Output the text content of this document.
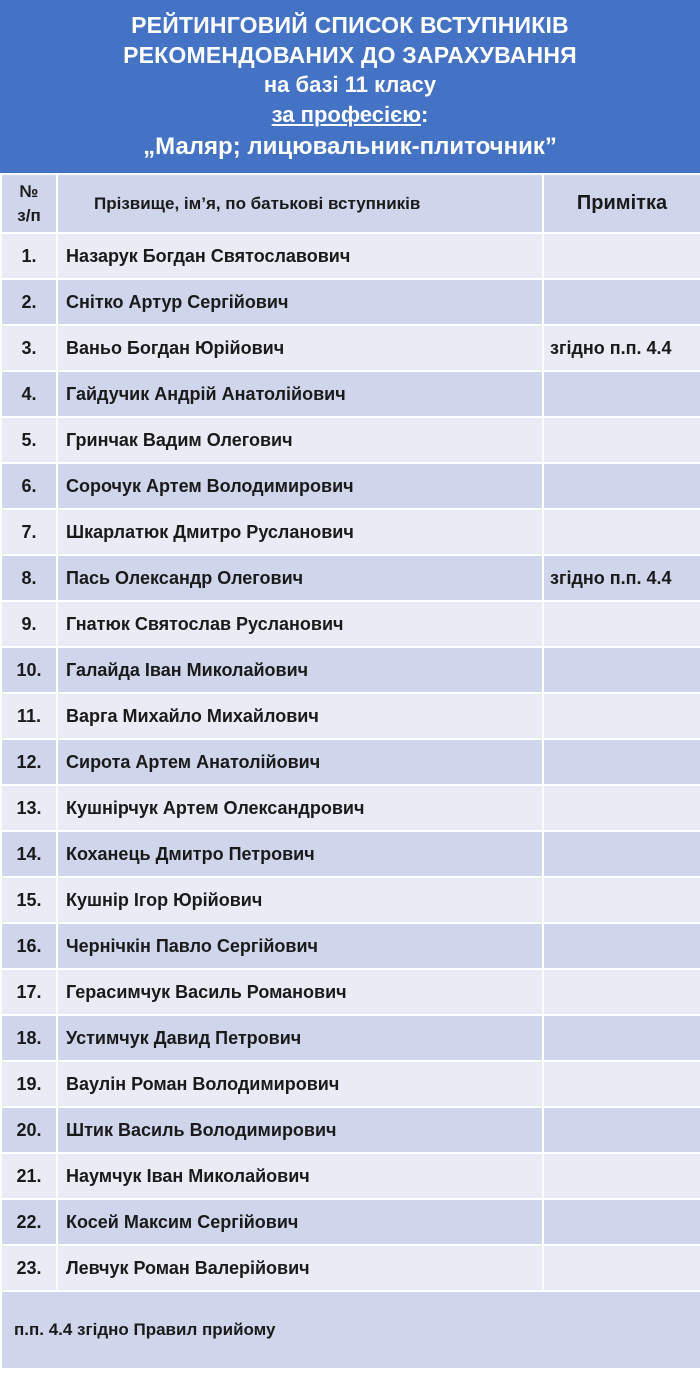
РЕЙТИНГОВИЙ СПИСОК ВСТУПНИКІВ
РЕКОМЕНДОВАНИХ ДО ЗАРАХУВАННЯ
на базі 11 класу
за професією:
„Маляр; лицювальник-плиточник”
№
з/п	Прізвище, ім’я, по батькові вступників	Примітка
1.	Назарук Богдан Святославович	
2.	Снітко Артур Сергійович	
3.	Ваньо Богдан Юрійович	згідно п.п. 4.4
4.	Гайдучик Андрій Анатолійович	
5.	Гринчак Вадим Олегович	
6.	Сорочук Артем Володимирович	
7.	Шкарлатюк Дмитро Русланович	
8.	Пась Олександр Олегович	згідно п.п. 4.4
9.	Гнатюк Святослав Русланович	
10.	Галайда Іван Миколайович	
11.	Варга Михайло Михайлович	
12.	Сирота Артем Анатолійович	
13.	Кушнірчук Артем Олександрович	
14.	Коханець Дмитро Петрович	
15.	Кушнір Ігор Юрійович	
16.	Чернічкін Павло Сергійович	
17.	Герасимчук Василь Романович	
18.	Устимчук Давид Петрович	
19.	Ваулін Роман Володимирович	
20.	Штик Василь Володимирович	
21.	Наумчук Іван Миколайович	
22.	Косей Максим Сергійович	
23.	Левчук Роман Валерійович	
п.п. 4.4 згідно Правил прийому		
